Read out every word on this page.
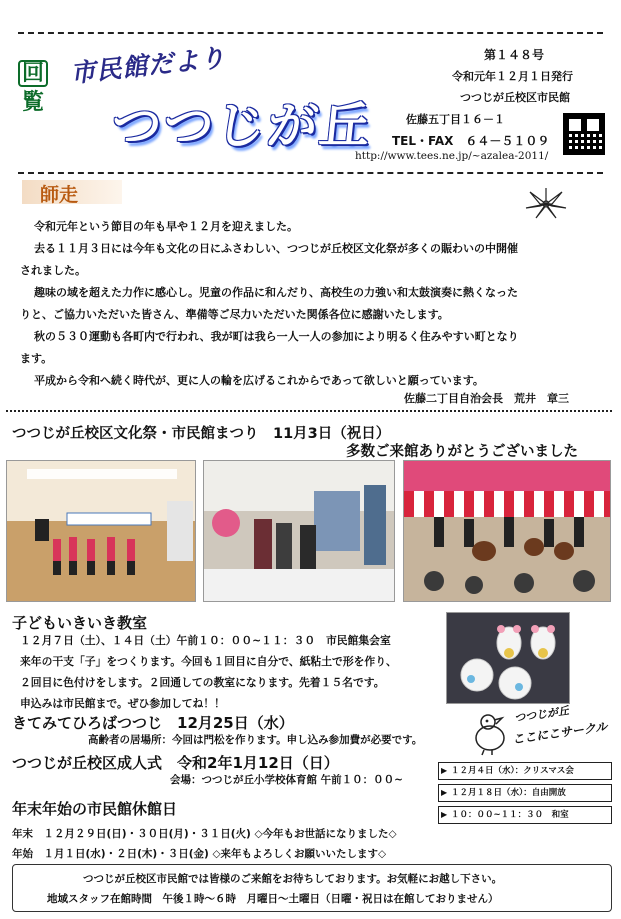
回
覧
市民館だより
つつじが丘
第１４８号
令和元年１２月１日発行
つつじが丘校区市民館
佐藤五丁目１６－１
TEL・FAX　６４－５１０９
http://www.tees.ne.jp/~azalea-2011/
師走
令和元年という節目の年も早や１２月を迎えました。
去る１１月３日には今年も文化の日にふさわしい、つつじが丘校区文化祭が多くの賑わいの中開催
されました。
趣味の域を超えた力作に感心し。児童の作品に和んだり、高校生の力強い和太鼓演奏に熱くなった
りと、ご協力いただいた皆さん、準備等ご尽力いただいた関係各位に感謝いたします。
秋の５３０運動も各町内で行われ、我が町は我ら一人一人の参加により明るく住みやすい町となり
ます。
平成から令和へ続く時代が、更に人の輪を広げるこれからであって欲しいと願っています。
佐藤二丁目自治会長　荒井　章三
つつじが丘校区文化祭・市民館まつり　11月3日（祝日）
多数ご来館ありがとうございました
子どもいきいき教室
１２月７日（土）、１４日（土）午前１０：００~１１：３０　市民館集会室
来年の干支「子」をつくります。今回も１回目に自分で、紙粘土で形を作り、
２回目に色付けをします。２回通しての教室になります。先着１５名です。
申込みは市民館まで。ぜひ参加してね！！
きてみてひろばつつじ　12月25日（水）
高齢者の居場所：今回は門松を作ります。申し込み参加費が必要です。
つつじが丘校区成人式　令和2年1月12日（日）
会場：つつじが丘小学校体育館 午前１０：００~
年末年始の市民館休館日
年末　１２月２９日(日)・３０日(月)・３１日(火) ◇今年もお世話になりました◇
年始　１月１日(水)・２日(木)・３日(金) ◇来年もよろしくお願いいたします◇
つつじが丘
ここにこサークル
▶ １２月４日（水）：クリスマス会
▶ １２月１８日（水）：自由開放
▶ １０：００~１１：３０　和室
つつじが丘校区市民館では皆様のご来館をお待ちしております。お気軽にお越し下さい。
地域スタッフ在館時間　午後１時～６時　月曜日～土曜日（日曜・祝日は在館しておりません）
